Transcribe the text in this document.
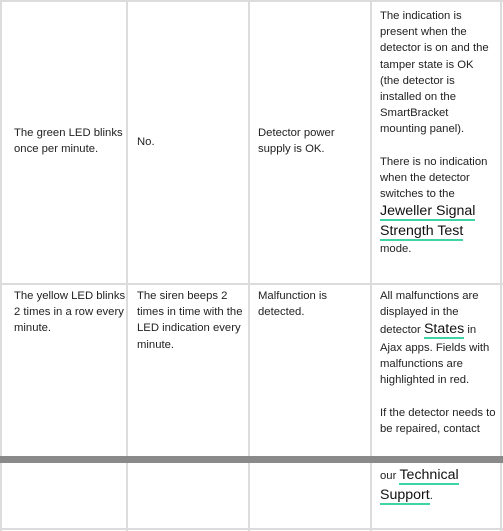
The green LED blinks once per minute.

No.

Detector power supply is OK.

The indication is present when the detector is on and the tamper state is OK (the detector is installed on the SmartBracket mounting panel).

There is no indication when the detector switches to the Jeweller Signal Strength Test mode.

The yellow LED blinks 2 times in a row every minute.

The siren beeps 2 times in time with the LED indication every minute.

Malfunction is detected.

All malfunctions are displayed in the detector States in Ajax apps. Fields with malfunctions are highlighted in red.

If the detector needs to be repaired, contact

our Technical Support.
